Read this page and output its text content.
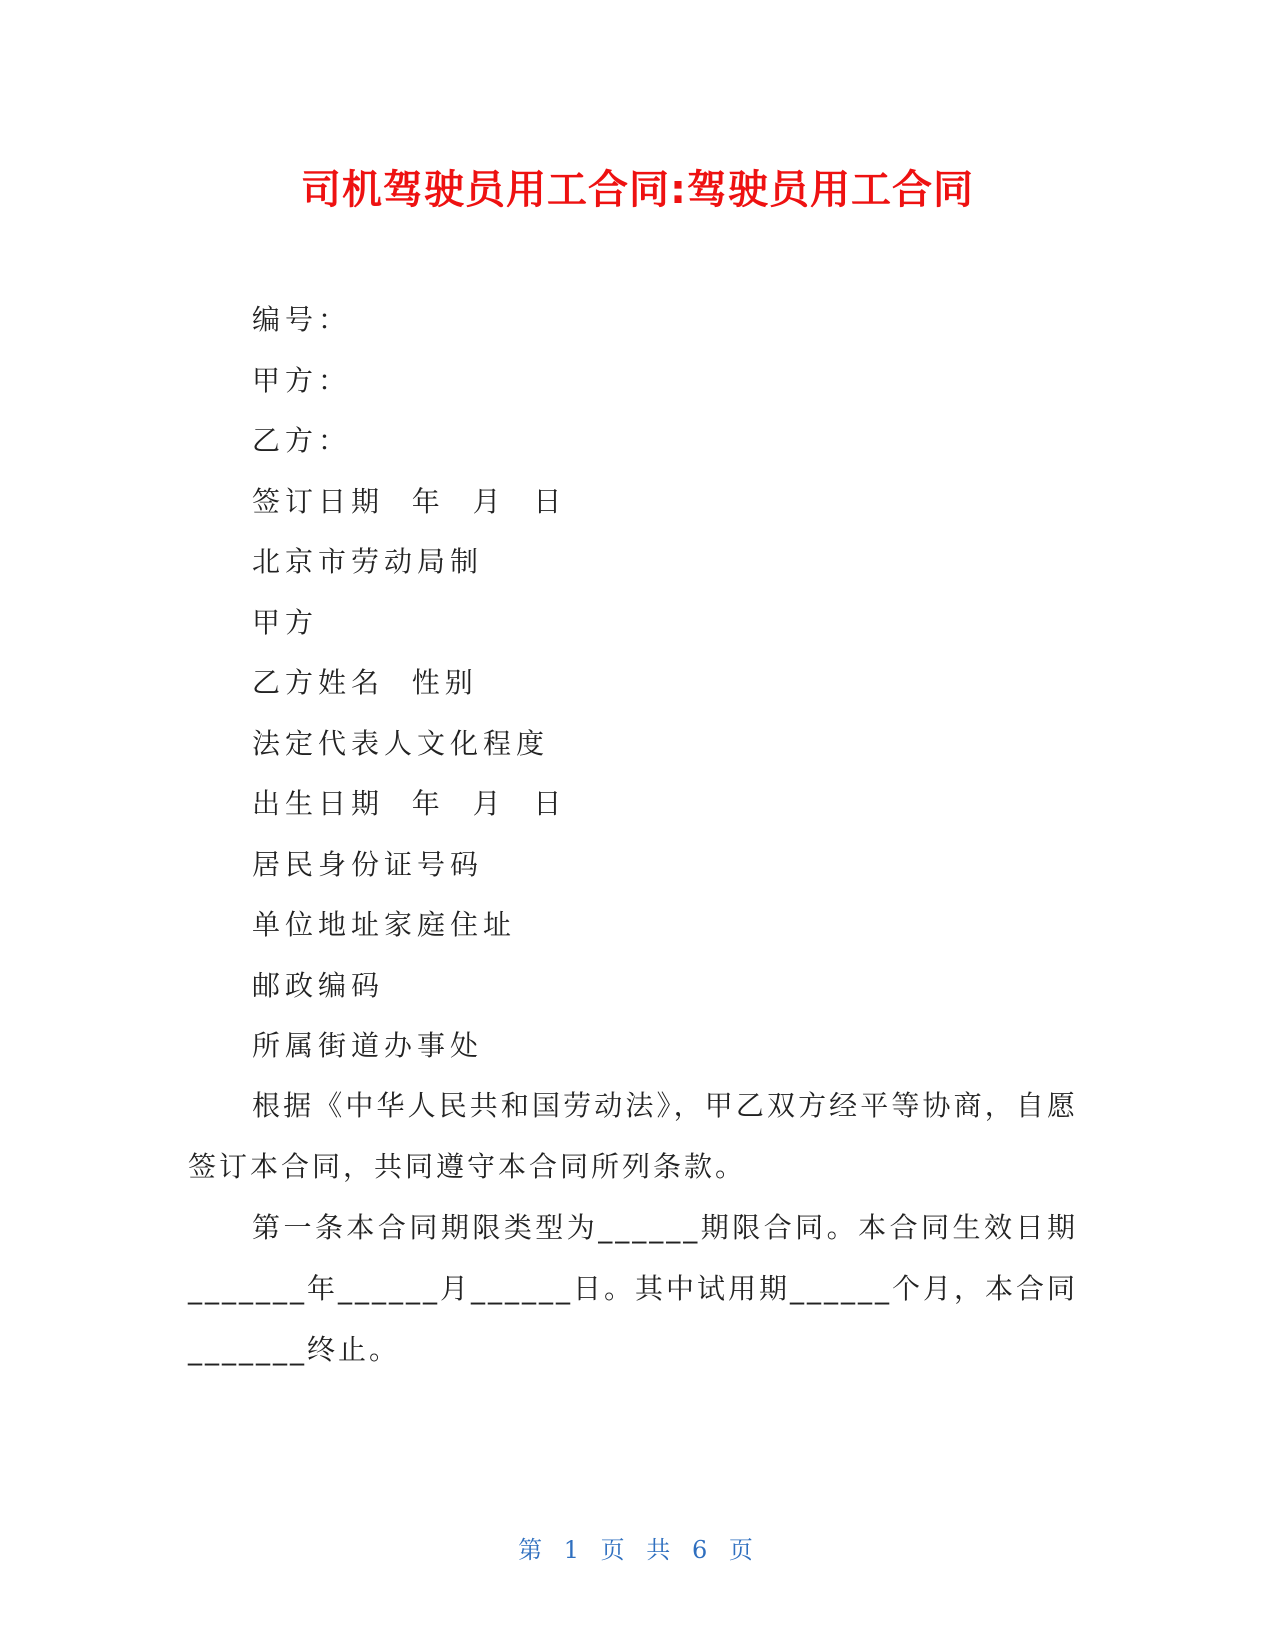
司机驾驶员用工合同:驾驶员用工合同
编号：
甲方：
乙方：
签订日期  年  月  日
北京市劳动局制
甲方
乙方姓名  性别
法定代表人文化程度
出生日期  年  月  日
居民身份证号码
单位地址家庭住址
邮政编码
所属街道办事处

根据《中华人民共和国劳动法》，甲乙双方经平等协商，自愿签订本合同，共同遵守本合同所列条款。

第一条本合同期限类型为______期限合同。本合同生效日期_______年______月______日。其中试用期______个月，本合同_______终止。

第 1 页 共 6 页
